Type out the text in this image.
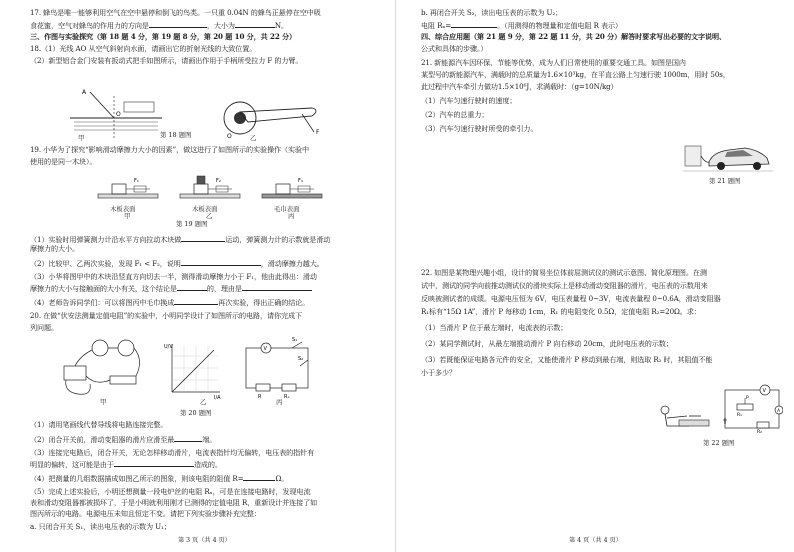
17. 蜂鸟是唯一能够利用空气在空中悬停和倒飞的鸟类。一只重 0.04N 的蜂鸟正悬停在空中吸
食花蜜，空气对蜂鸟的作用力的方向是	，大小为	N。
三、作图与实验探究（第 18 题 4 分，第 19 题 8 分，第 20 题 10 分，共 22 分）
18.（1）光线 AO 从空气斜射向水面，请画出它的折射光线的大致位置。
（2）新型铝合金门安装有扳动式把手如图所示，请画出作用于手柄所受拉力 F 的力臂。
A
O
F
O
甲	乙
第 18 题图
19. 小华为了探究“影响滑动摩擦力大小的因素”，做这进行了如图所示的实验操作（实验中
使用的是同一木块）。
F₁	F₂	F₃
木板表面	木板表面	毛巾表面
甲	乙	丙
第 19 题图
（1）实验时用弹簧测力计沿水平方向拉动木块做	运动，弹簧测力计的示数就是滑动
摩擦力的大小。
（2）比较甲、乙两次实验，发现 F₁ < F₂，说明	，滑动摩擦力越大。
（3）小华将图甲中的木块沿竖直方向切去一半，测得滑动摩擦力小于 F₁，他由此得出：滑动
摩擦力的大小与接触面的大小有关，这个结论是	的，理由是
（4）老师告诉同学们：可以将图丙中毛巾换成	再次实验，得出正确的结论。
20. 在做“伏安法测量定值电阻”的实验中，小明同学设计了如图所示的电路，请你完成下
列问题。
U/V
I/A
V
R	Rₓ
S₁
S₂
甲	乙	丙
第 20 题图
（1）请用笔画线代替导线将电路连接完整。
（2）闭合开关前，滑动变阻器的滑片应滑至最	端。
（3）连接完电路后，闭合开关，无论怎样移动滑片，电流表指针均无偏转，电压表的指针有
明显的偏转，这可能是由于	造成的。
（4）把测量的几组数据描成如图乙所示的图象，则该电阻的阻值 R=	Ω。
（5）完成上述实验后，小明还想测量一段电炉丝的电阻 Rₓ，可是在连接电路时，发现电流
表和滑动变阻器都被损坏了，于是小明就利用刚才已测得的定值电阻 R，重新设计并连接了如
图丙所示的电路。电源电压未知且恒定不变。请把下列实验步骤补充完整：
a. 只闭合开关 S₁，读出电压表的示数为 U₁；
第 3 页（共 4 页）
b. 再闭合开关 S₂，读出电压表的示数为 U₂；
电阻 Rₓ=	。（用测得的物理量和定值电阻 R 表示）
四、综合应用题（第 21 题 9 分，第 22 题 11 分，共 20 分）解答时要求写出必要的文字说明、
公式和具体的步骤。）
21. 新能源汽车因环保、节能等优势，成为人们日常使用的重要交通工具。如图是国内
某型号的新能源汽车，满载时的总质量为1.6×10³kg，在平直公路上匀速行驶 1000m，用时 50s，
此过程中汽车牵引力做功1.5×10⁶J，求满载时：（g=10N/kg）
（1）汽车匀速行驶时的速度；
（2）汽车的总重力；
（3）汽车匀速行驶时所受的牵引力。
第 21 题图
22. 如图是某物理兴趣小组，设计的简易坐位体前屈测试仪的测试示意图、简化原理图。在测
试中，测试的同学向前推动测试仪的滑块实际上是移动滑动变阻器的滑片，电压表的示数用来
反映被测试者的成绩。电源电压恒为 6V，电压表量程 0~3V，电流表量程 0~0.6A，滑动变阻器
R₁标有“15Ω 1A”，滑片 P 每移动 1cm，R₁ 的电阻变化 0.5Ω，定值电阻 R₂=20Ω。求：
（1）当滑片 P 位于最左端时，电流表的示数；
（2）某同学测试时，从最左端推动滑片 P 向右移动 20cm，此时电压表的示数；
（3）若既能保证电路各元件的安全，又能使滑片 P 移动到最右端，则选取 R₂ 时，其阻值不能
小于多少？
V
P
R₁
R₂
A
第 22 题图
第 4 页（共 4 页）
